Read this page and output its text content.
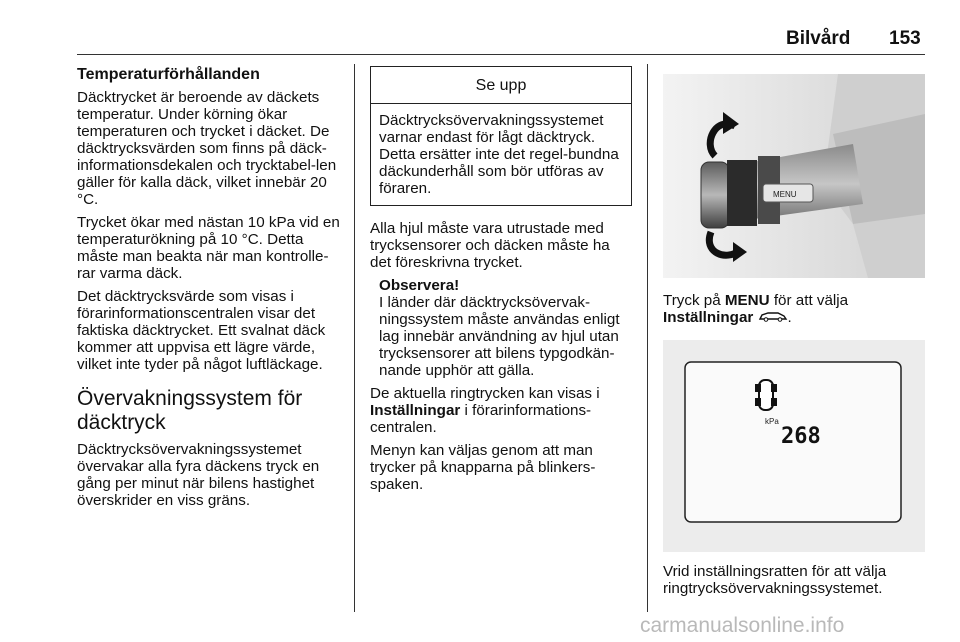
Bilvård 153
Temperaturförhållanden

Däcktrycket är beroende av däckets temperatur. Under körning ökar temperaturen och trycket i däcket. De däcktrycksvärden som finns på däck-informationsdekalen och trycktabel-len gäller för kalla däck, vilket innebär 20 °C.

Trycket ökar med nästan 10 kPa vid en temperaturökning på 10 °C. Detta måste man beakta när man kontrolle-rar varma däck.

Det däcktrycksvärde som visas i förarinformationscentralen visar det faktiska däcktrycket. Ett svalnat däck kommer att uppvisa ett lägre värde, vilket inte tyder på något luftläckage.

Övervakningssystem för däcktryck

Däcktrycksövervakningssystemet övervakar alla fyra däckens tryck en gång per minut när bilens hastighet överskrider en viss gräns.

Se upp
Däcktrycksövervakningssystemet varnar endast för lågt däcktryck. Detta ersätter inte det regel-bundna däckunderhåll som bör utföras av föraren.

Alla hjul måste vara utrustade med trycksensorer och däcken måste ha det föreskrivna trycket.

Observera!
I länder där däcktrycksövervak-ningssystem måste användas enligt lag innebär användning av hjul utan trycksensorer att bilens typgodkän-nande upphör att gälla.

De aktuella ringtrycken kan visas i Inställningar i förarinformations-centralen.

Menyn kan väljas genom att man trycker på knapparna på blinkers-spaken.

MENU

Tryck på MENU för att välja
Inställningar .

kPa
268
Vrid inställningsratten för att välja ringtrycksövervakningssystemet.
carmanualsonline.info
